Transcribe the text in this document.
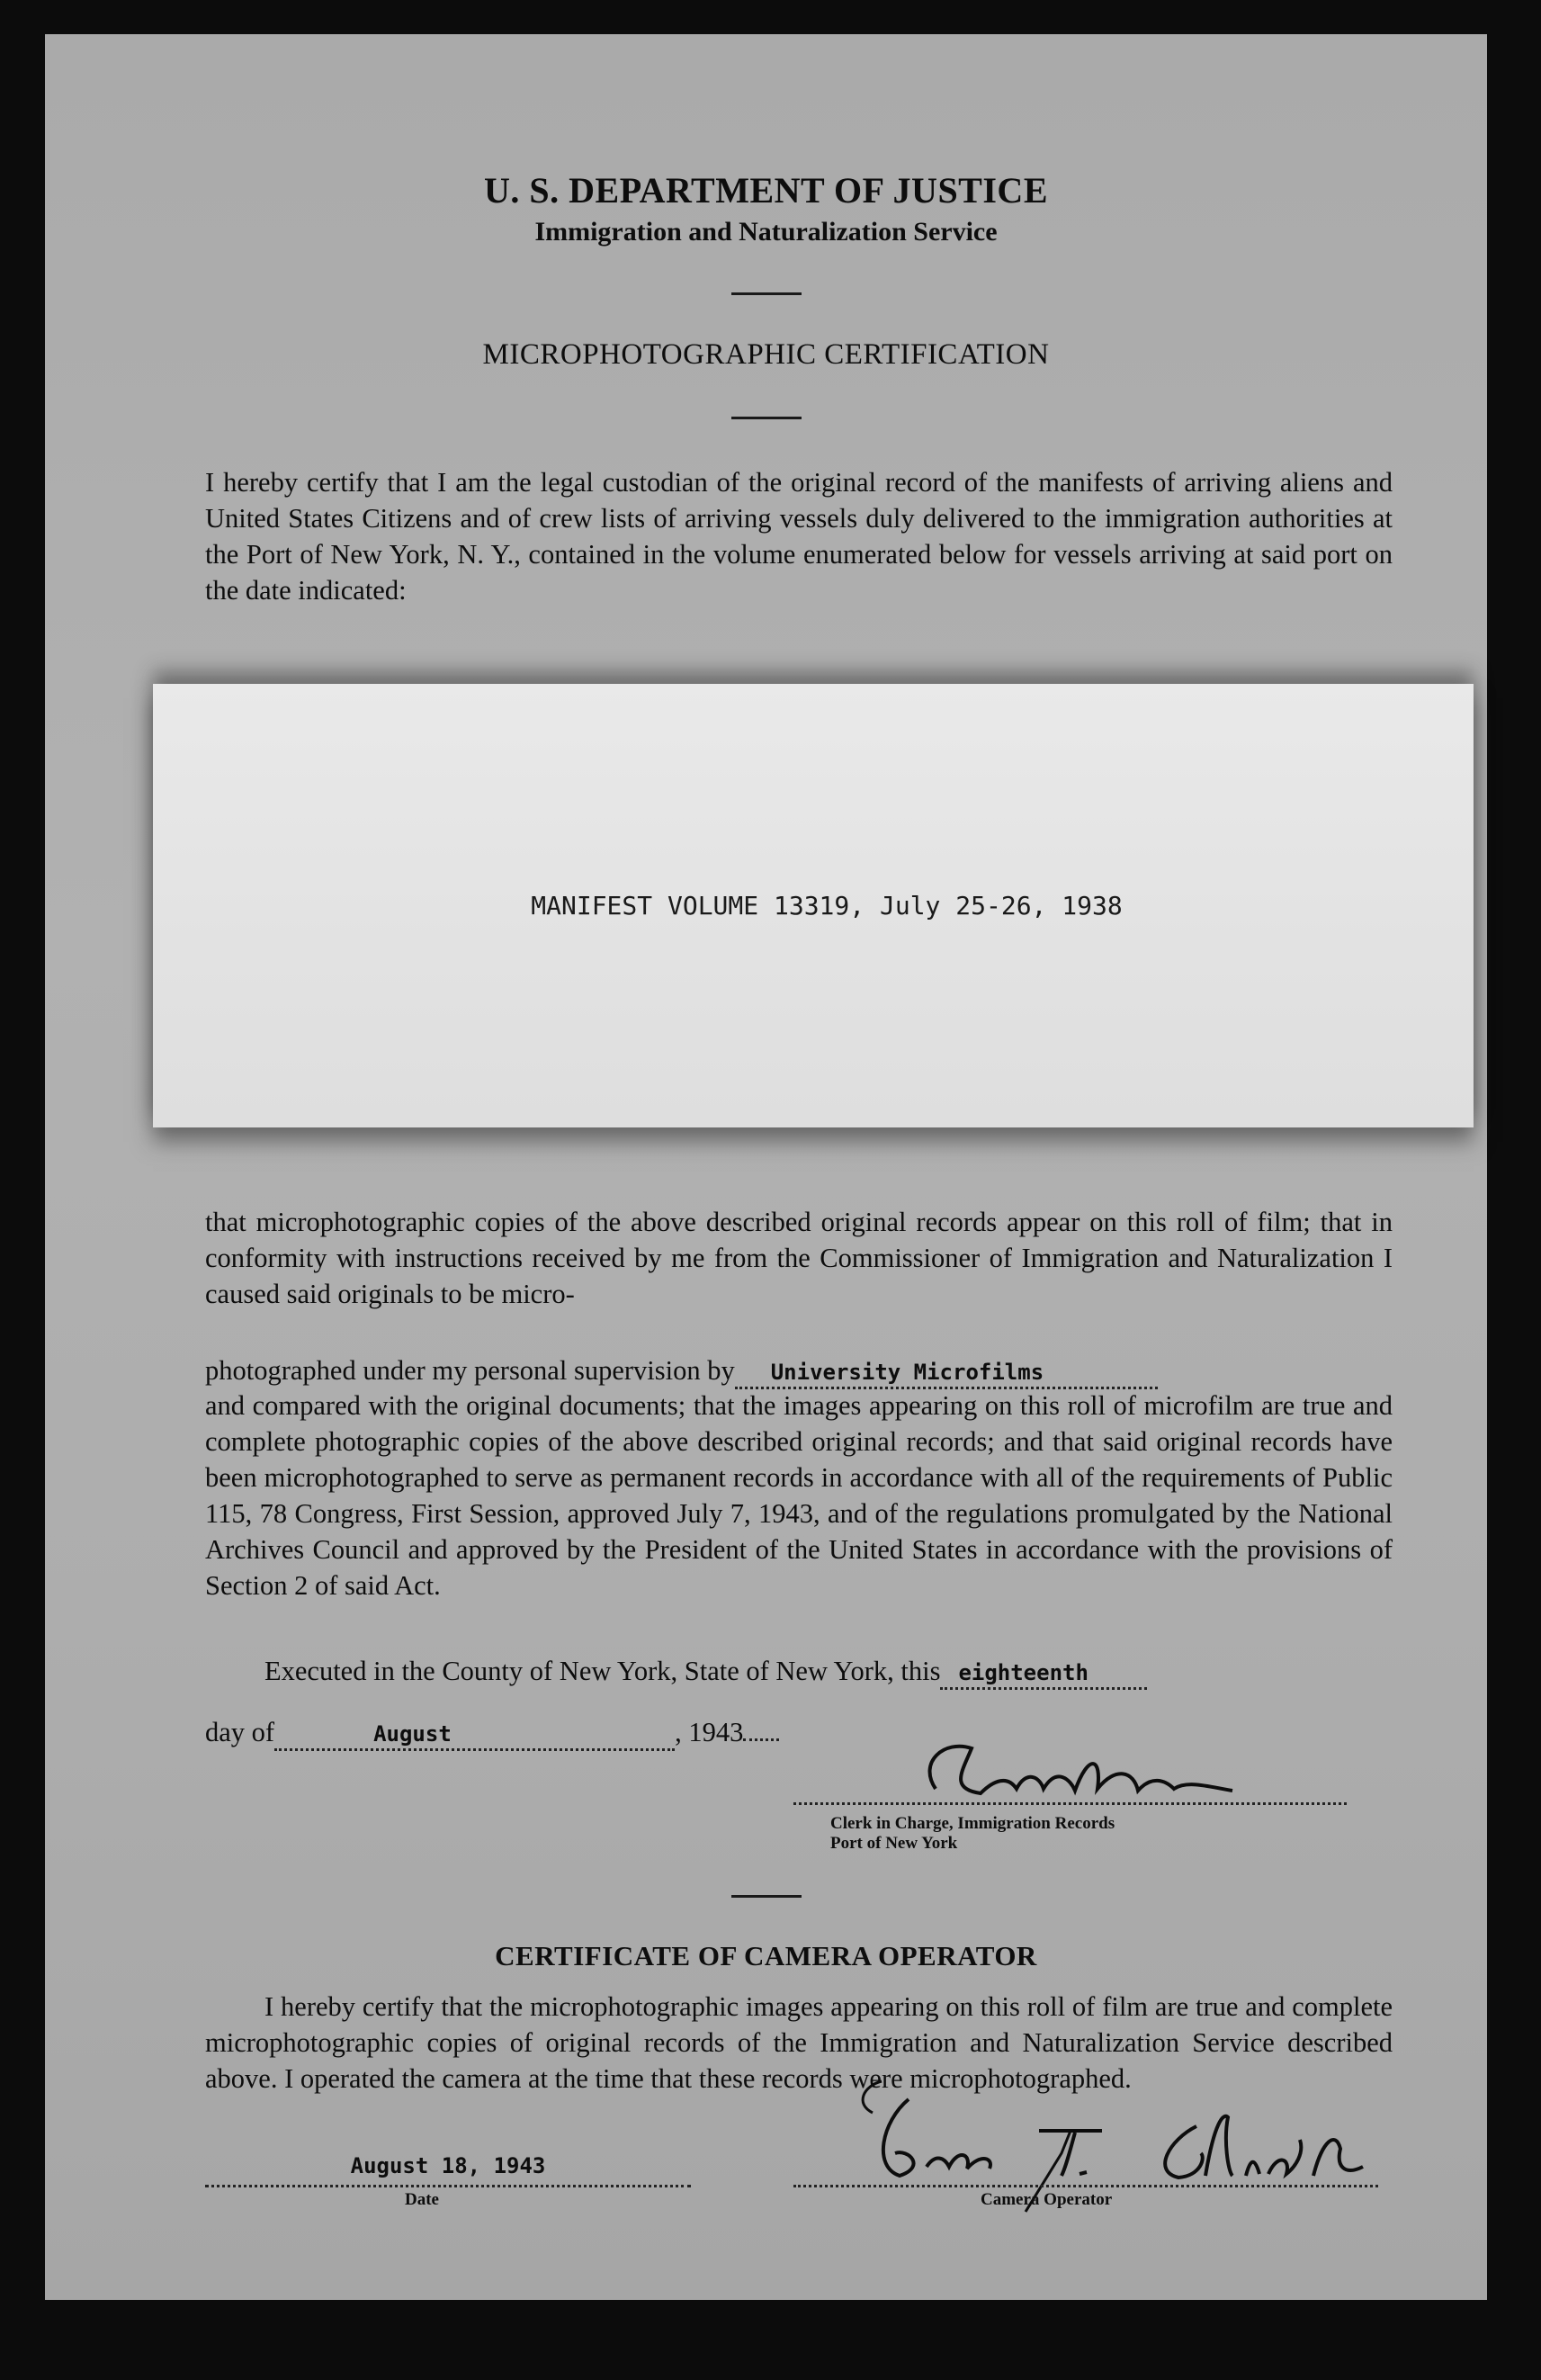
U. S. DEPARTMENT OF JUSTICE
Immigration and Naturalization Service
MICROPHOTOGRAPHIC CERTIFICATION
I hereby certify that I am the legal custodian of the original record of the manifests of arriving aliens and United States Citizens and of crew lists of arriving vessels duly delivered to the immigration authorities at the Port of New York, N. Y., contained in the volume enumerated below for vessels arriving at said port on the date indicated:
MANIFEST VOLUME 13319, July 25-26, 1938
that microphotographic copies of the above described original records appear on this roll of film; that in conformity with instructions received by me from the Commissioner of Immigration and Naturalization I caused said originals to be micro-
photographed under my personal supervision by University Microfilms
and compared with the original documents; that the images appearing on this roll of microfilm are true and complete photographic copies of the above described original records; and that said original records have been microphotographed to serve as permanent records in accordance with all of the requirements of Public 115, 78 Congress, First Session, approved July 7, 1943, and of the regulations promulgated by the National Archives Council and approved by the President of the United States in accordance with the provisions of Section 2 of said Act.
Executed in the County of New York, State of New York, this eighteenth
day of	August	, 1943
Clerk in Charge, Immigration Records
Port of New York
CERTIFICATE OF CAMERA OPERATOR
I hereby certify that the microphotographic images appearing on this roll of film are true and complete microphotographic copies of original records of the Immigration and Naturalization Service described above. I operated the camera at the time that these records were microphotographed.
August 18, 1943
Date	Camera Operator
